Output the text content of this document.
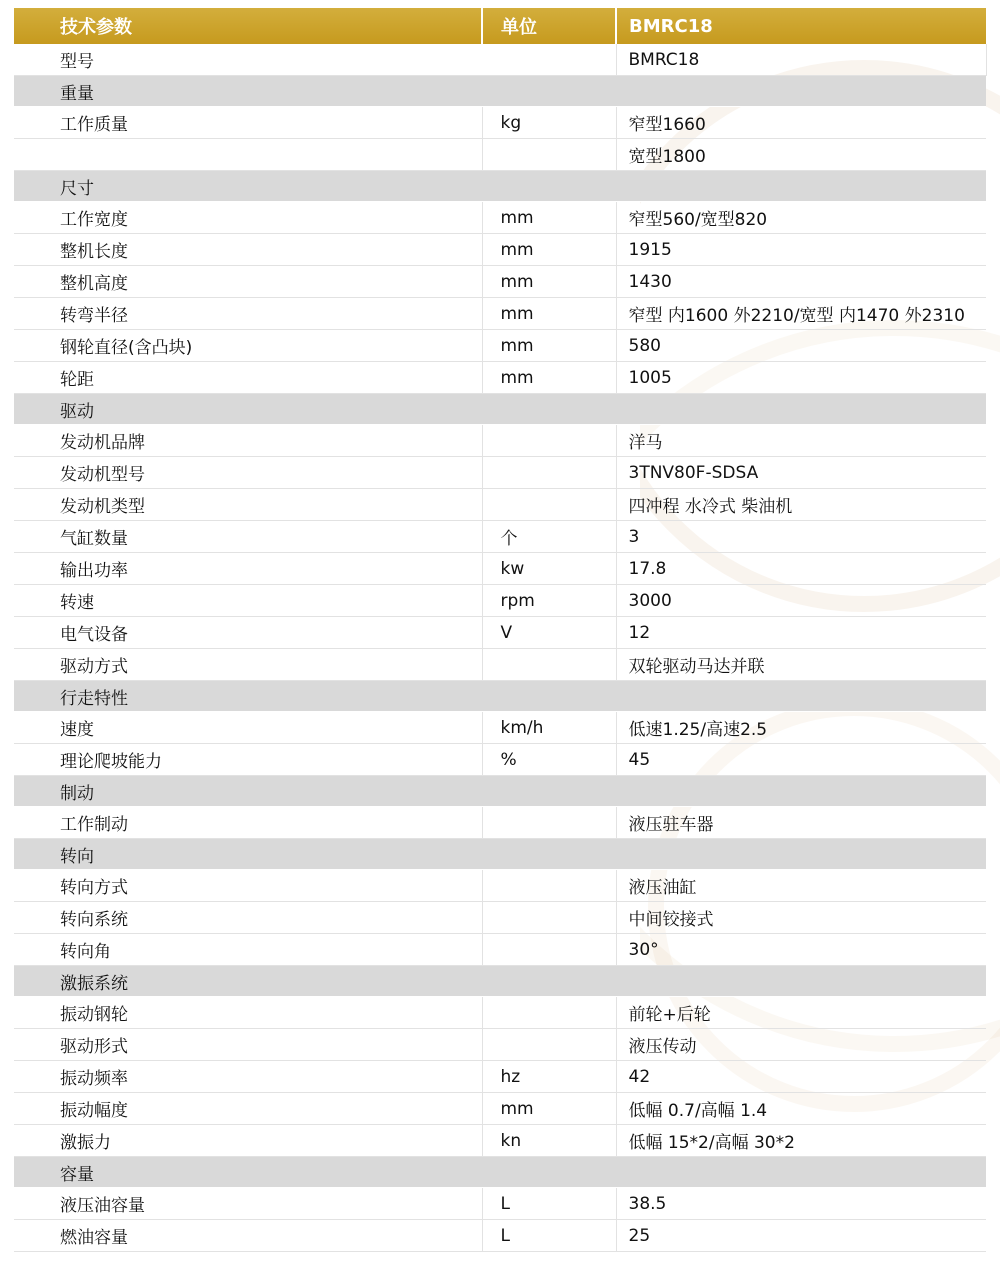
技术参数	单位	BMRC18
型号		BMRC18
重量		
工作质量	kg	窄型1660
		宽型1800
尺寸		
工作宽度	mm	窄型560/宽型820
整机长度	mm	1915
整机高度	mm	1430
转弯半径	mm	窄型 内1600 外2210/宽型 内1470 外2310
钢轮直径(含凸块)	mm	580
轮距	mm	1005
驱动		
发动机品牌		洋马
发动机型号		3TNV80F-SDSA
发动机类型		四冲程 水冷式 柴油机
气缸数量	个	3
输出功率	kw	17.8
转速	rpm	3000
电气设备	V	12
驱动方式		双轮驱动马达并联
行走特性		
速度	km/h	低速1.25/高速2.5
理论爬坡能力	%	45
制动		
工作制动		液压驻车器
转向		
转向方式		液压油缸
转向系统		中间铰接式
转向角		30°
激振系统		
振动钢轮		前轮+后轮
驱动形式		液压传动
振动频率	hz	42
振动幅度	mm	低幅 0.7/高幅 1.4
激振力	kn	低幅 15*2/高幅 30*2
容量		
液压油容量	L	38.5
燃油容量	L	25
